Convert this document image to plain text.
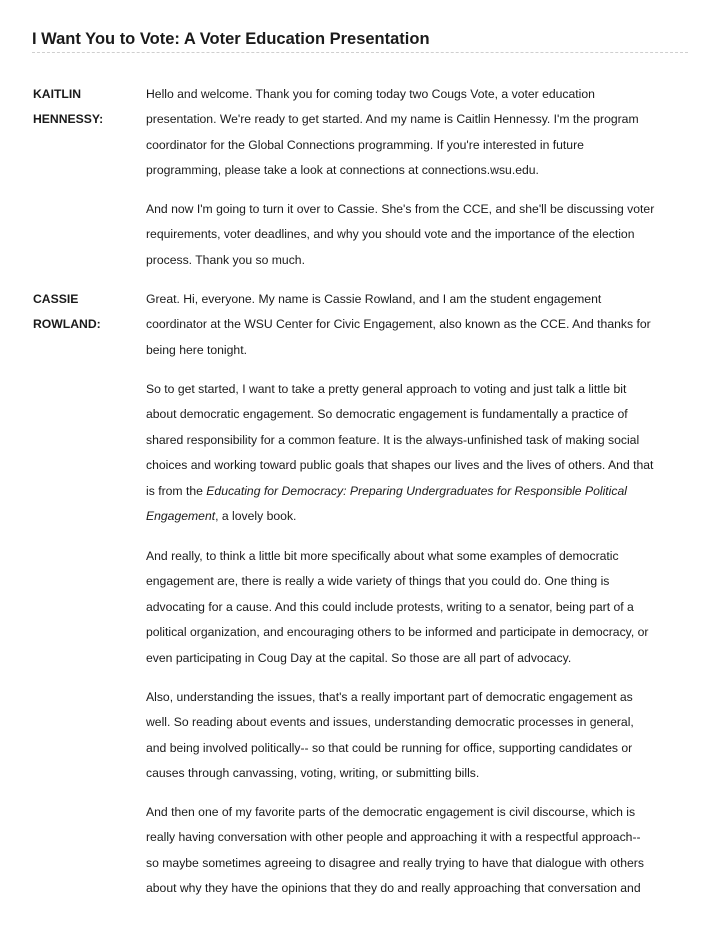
I Want You to Vote: A Voter Education Presentation
KAITLIN
HENNESSY:
Hello and welcome. Thank you for coming today two Cougs Vote, a voter education
presentation. We're ready to get started. And my name is Caitlin Hennessy. I'm the program
coordinator for the Global Connections programming. If you're interested in future
programming, please take a look at connections at connections.wsu.edu.
And now I'm going to turn it over to Cassie. She's from the CCE, and she'll be discussing voter
requirements, voter deadlines, and why you should vote and the importance of the election
process. Thank you so much.
CASSIE
ROWLAND:
Great. Hi, everyone. My name is Cassie Rowland, and I am the student engagement
coordinator at the WSU Center for Civic Engagement, also known as the CCE. And thanks for
being here tonight.
So to get started, I want to take a pretty general approach to voting and just talk a little bit
about democratic engagement. So democratic engagement is fundamentally a practice of
shared responsibility for a common feature. It is the always-unfinished task of making social
choices and working toward public goals that shapes our lives and the lives of others. And that
is from the Educating for Democracy: Preparing Undergraduates for Responsible Political
Engagement, a lovely book.
And really, to think a little bit more specifically about what some examples of democratic
engagement are, there is really a wide variety of things that you could do. One thing is
advocating for a cause. And this could include protests, writing to a senator, being part of a
political organization, and encouraging others to be informed and participate in democracy, or
even participating in Coug Day at the capital. So those are all part of advocacy.
Also, understanding the issues, that's a really important part of democratic engagement as
well. So reading about events and issues, understanding democratic processes in general,
and being involved politically-- so that could be running for office, supporting candidates or
causes through canvassing, voting, writing, or submitting bills.
And then one of my favorite parts of the democratic engagement is civil discourse, which is
really having conversation with other people and approaching it with a respectful approach--
so maybe sometimes agreeing to disagree and really trying to have that dialogue with others
about why they have the opinions that they do and really approaching that conversation and
